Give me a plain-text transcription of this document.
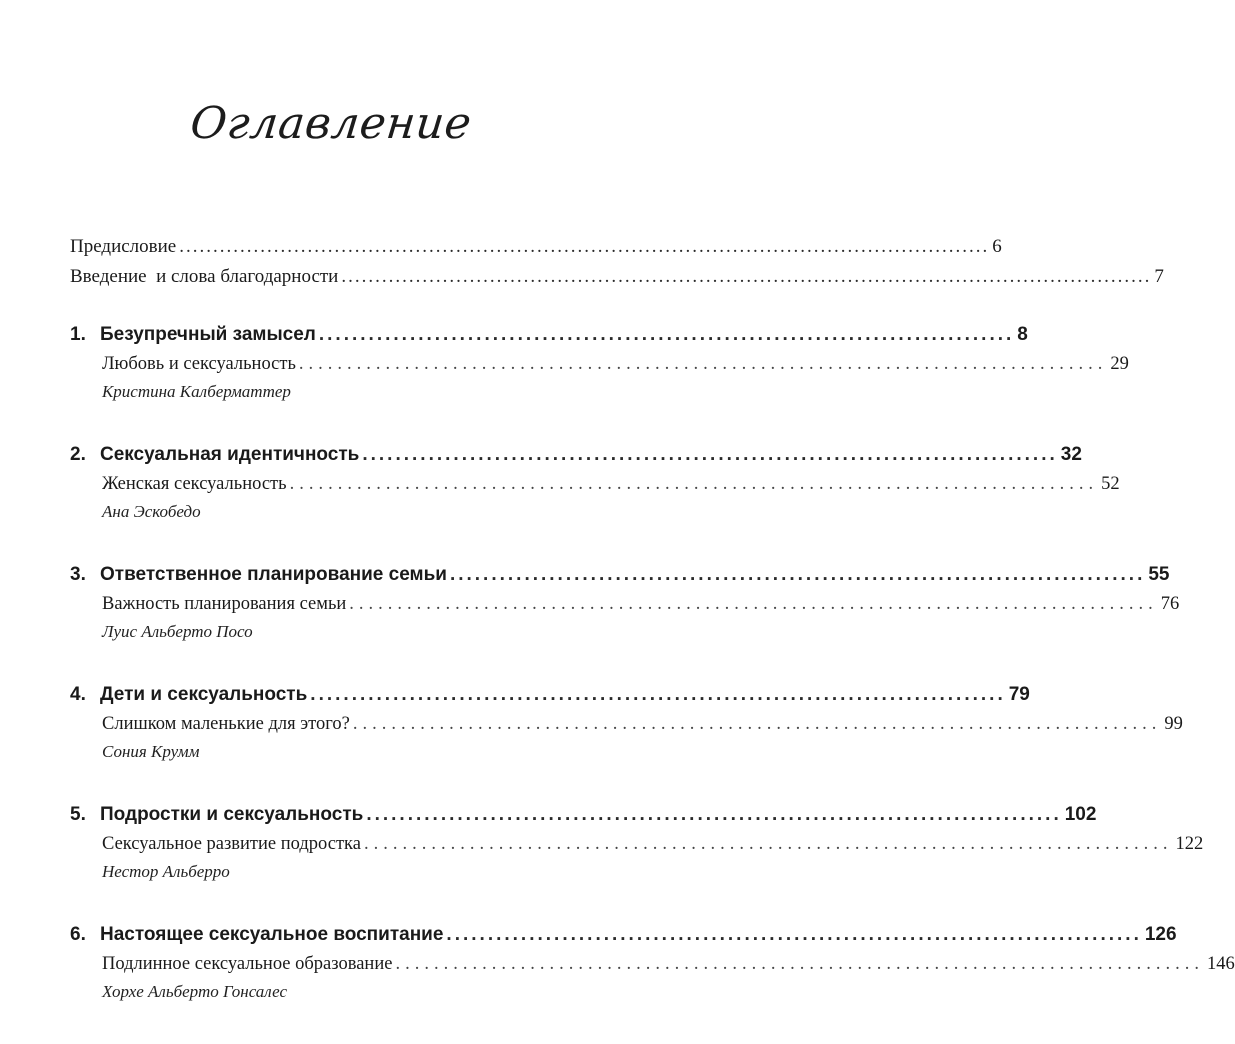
Оглавление
Предисловие ........................................................................................................................ 6
Введение  и слова благодарности ........................................................................................................................ 7
1. Безупречный замысел .................................................................................... 8
Любовь и сексуальность .................................................................................... 29
Кристина Калберматтер
2. Сексуальная идентичность .................................................................................... 32
Женская сексуальность .................................................................................... 52
Ана Эскобедо
3. Ответственное планирование семьи .................................................................................... 55
Важность планирования семьи .................................................................................... 76
Луис Альберто Посо
4. Дети и сексуальность .................................................................................... 79
Слишком маленькие для этого? .................................................................................... 99
Сония Крумм
5. Подростки и сексуальность .................................................................................... 102
Сексуальное развитие подростка .................................................................................... 122
Нестор Альберро
6. Настоящее сексуальное воспитание .................................................................................... 126
Подлинное сексуальное образование .................................................................................... 146
Хорхе Альберто Гонсалес
